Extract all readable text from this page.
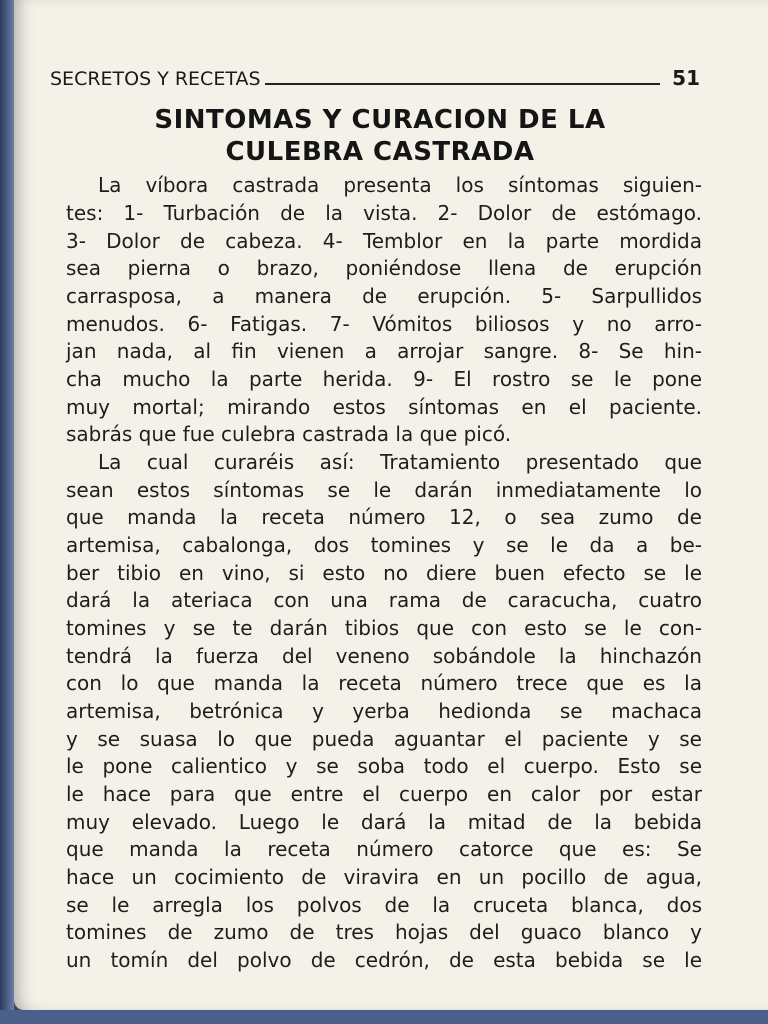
SECRETOS Y RECETAS	51
SINTOMAS Y CURACION DE LA
CULEBRA CASTRADA
La víbora castrada presenta los síntomas siguien-
tes: 1- Turbación de la vista. 2- Dolor de estómago.
3- Dolor de cabeza. 4- Temblor en la parte mordida
sea pierna o brazo, poniéndose llena de erupción
carrasposa, a manera de erupción. 5- Sarpullidos
menudos. 6- Fatigas. 7- Vómitos biliosos y no arro-
jan nada, al fin vienen a arrojar sangre. 8- Se hin-
cha mucho la parte herida. 9- El rostro se le pone
muy mortal; mirando estos síntomas en el paciente.
sabrás que fue culebra castrada la que picó.
La cual curaréis así: Tratamiento presentado que
sean estos síntomas se le darán inmediatamente lo
que manda la receta número 12, o sea zumo de
artemisa, cabalonga, dos tomines y se le da a be-
ber tibio en vino, si esto no diere buen efecto se le
dará la ateriaca con una rama de caracucha, cuatro
tomines y se te darán tibios que con esto se le con-
tendrá la fuerza del veneno sobándole la hinchazón
con lo que manda la receta número trece que es la
artemisa, betrónica y yerba hedionda se machaca
y se suasa lo que pueda aguantar el paciente y se
le pone calientico y se soba todo el cuerpo. Esto se
le hace para que entre el cuerpo en calor por estar
muy elevado. Luego le dará la mitad de la bebida
que manda la receta número catorce que es: Se
hace un cocimiento de viravira en un pocillo de agua,
se le arregla los polvos de la cruceta blanca, dos
tomines de zumo de tres hojas del guaco blanco y
un tomín del polvo de cedrón, de esta bebida se le
